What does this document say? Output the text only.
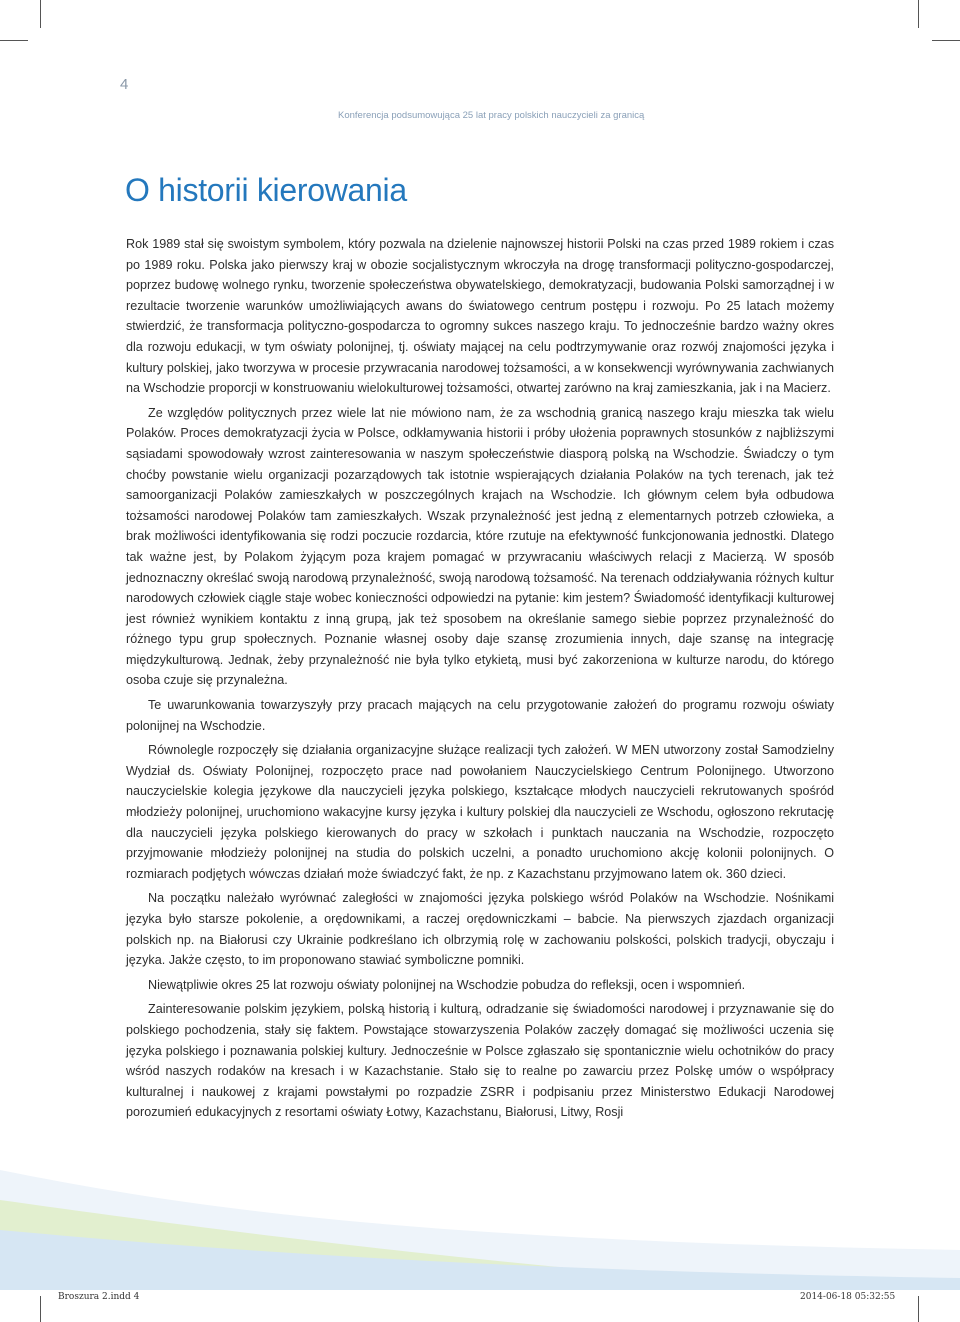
4
Konferencja podsumowująca 25 lat pracy polskich nauczycieli za granicą
O historii kierowania

Rok 1989 stał się swoistym symbolem, który pozwala na dzielenie najnowszej historii Polski na czas przed 1989 rokiem i czas po 1989 roku. Polska jako pierwszy kraj w obozie socjalistycznym wkroczyła na drogę transformacji polityczno-gospodarczej, poprzez budowę wolnego rynku, tworzenie społeczeństwa obywatelskiego, demokratyzacji, budowania Polski samorządnej i w rezultacie tworzenie warunków umożliwiających awans do światowego centrum postępu i rozwoju. Po 25 latach możemy stwierdzić, że transformacja polityczno-gospodarcza to ogromny sukces naszego kraju. To jednocześnie bardzo ważny okres dla rozwoju edukacji, w tym oświaty polonijnej, tj. oświaty mającej na celu podtrzymywanie oraz rozwój znajomości języka i kultury polskiej, jako tworzywa w procesie przywracania narodowej tożsamości, a w konsekwencji wyrównywania zachwianych na Wschodzie proporcji w konstruowaniu wielokulturowej tożsamości, otwartej zarówno na kraj zamieszkania, jak i na Macierz.

Ze względów politycznych przez wiele lat nie mówiono nam, że za wschodnią granicą naszego kraju mieszka tak wielu Polaków. Proces demokratyzacji życia w Polsce, odkłamywania historii i próby ułożenia poprawnych stosunków z najbliższymi sąsiadami spowodowały wzrost zainteresowania w naszym społeczeństwie diasporą polską na Wschodzie. Świadczy o tym choćby powstanie wielu organizacji pozarządowych tak istotnie wspierających działania Polaków na tych terenach, jak też samoorganizacji Polaków zamieszkałych w poszczególnych krajach na Wschodzie. Ich głównym celem była odbudowa tożsamości narodowej Polaków tam zamieszkałych. Wszak przynależność jest jedną z elementarnych potrzeb człowieka, a brak możliwości identyfikowania się rodzi poczucie rozdarcia, które rzutuje na efektywność funkcjonowania jednostki. Dlatego tak ważne jest, by Polakom żyjącym poza krajem pomagać w przywracaniu właściwych relacji z Macierzą. W sposób jednoznaczny określać swoją narodową przynależność, swoją narodową tożsamość. Na terenach oddziaływania różnych kultur narodowych człowiek ciągle staje wobec konieczności odpowiedzi na pytanie: kim jestem? Świadomość identyfikacji kulturowej jest również wynikiem kontaktu z inną grupą, jak też sposobem na określanie samego siebie poprzez przynależność do różnego typu grup społecznych. Poznanie własnej osoby daje szansę zrozumienia innych, daje szansę na integrację międzykulturową. Jednak, żeby przynależność nie była tylko etykietą, musi być zakorzeniona w kulturze narodu, do którego osoba czuje się przynależna.

Te uwarunkowania towarzyszyły przy pracach mających na celu przygotowanie założeń do programu rozwoju oświaty polonijnej na Wschodzie.

Równolegle rozpoczęły się działania organizacyjne służące realizacji tych założeń. W MEN utworzony został Samodzielny Wydział ds. Oświaty Polonijnej, rozpoczęto prace nad powołaniem Nauczycielskiego Centrum Polonijnego. Utworzono nauczycielskie kolegia językowe dla nauczycieli języka polskiego, kształcące młodych nauczycieli rekrutowanych spośród młodzieży polonijnej, uruchomiono wakacyjne kursy języka i kultury polskiej dla nauczycieli ze Wschodu, ogłoszono rekrutację dla nauczycieli języka polskiego kierowanych do pracy w szkołach i punktach nauczania na Wschodzie, rozpoczęto przyjmowanie młodzieży polonijnej na studia do polskich uczelni, a ponadto uruchomiono akcję kolonii polonijnych. O rozmiarach podjętych wówczas działań może świadczyć fakt, że np. z Kazachstanu przyjmowano latem ok. 360 dzieci.

Na początku należało wyrównać zaległości w znajomości języka polskiego wśród Polaków na Wschodzie. Nośnikami języka było starsze pokolenie, a orędownikami, a raczej orędowniczkami – babcie. Na pierwszych zjazdach organizacji polskich np. na Białorusi czy Ukrainie podkreślano ich olbrzymią rolę w zachowaniu polskości, polskich tradycji, obyczaju i języka. Jakże często, to im proponowano stawiać symboliczne pomniki.

Niewątpliwie okres 25 lat rozwoju oświaty polonijnej na Wschodzie pobudza do refleksji, ocen i wspomnień.

Zainteresowanie polskim językiem, polską historią i kulturą, odradzanie się świadomości narodowej i przyznawanie się do polskiego pochodzenia, stały się faktem. Powstające stowarzyszenia Polaków zaczęły domagać się możliwości uczenia się języka polskiego i poznawania polskiej kultury. Jednocześnie w Polsce zgłaszało się spontanicznie wielu ochotników do pracy wśród naszych rodaków na kresach i w Kazachstanie. Stało się to realne po zawarciu przez Polskę umów o współpracy kulturalnej i naukowej z krajami powstałymi po rozpadzie ZSRR i podpisaniu przez Ministerstwo Edukacji Narodowej porozumień edukacyjnych z resortami oświaty Łotwy, Kazachstanu, Białorusi, Litwy, Rosji

Broszura 2.indd 4	2014-06-18 05:32:55
